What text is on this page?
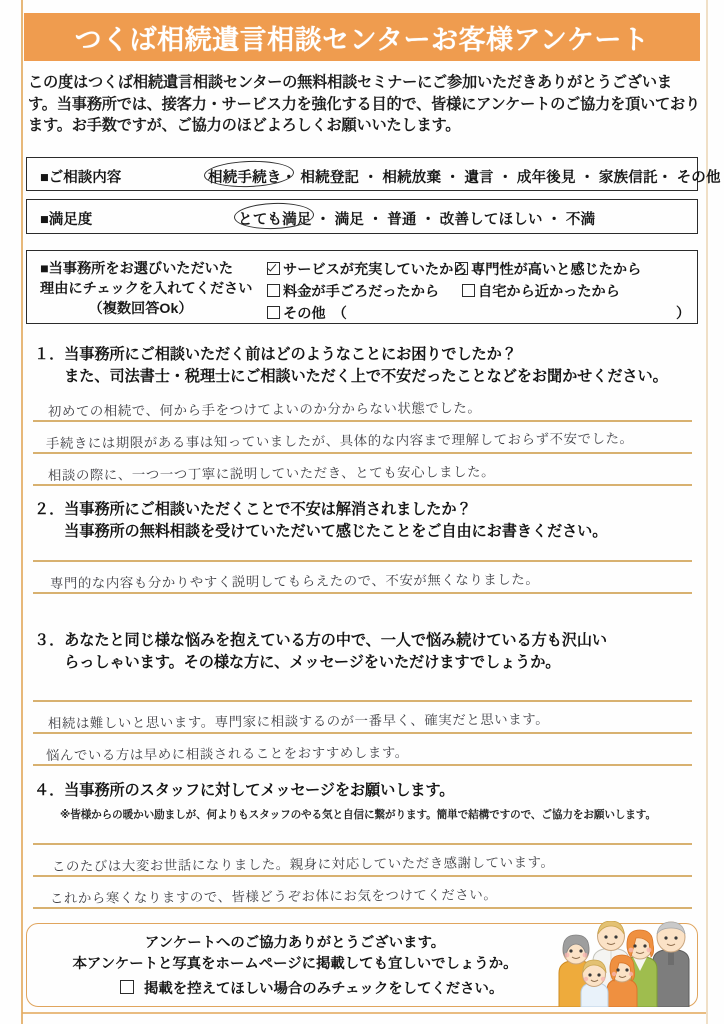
つくば相続遺言相談センターお客様アンケート
この度はつくば相続遺言相談センターの無料相談セミナーにご参加いただきありがとうございます。当事務所では、接客力・サービス力を強化する目的で、皆様にアンケートのご協力を頂いております。お手数ですが、ご協力のほどよろしくお願いいたします。
■ご相談内容	相続手続き・ 相続登記 ・ 相続放棄 ・ 遺言 ・ 成年後見 ・ 家族信託・ その他
■満足度	とても満足 ・ 満足 ・ 普通 ・ 改善してほしい ・ 不満
■当事務所をお選びいただいた
理由にチェックを入れてください
（複数回答Ok）
サービスが充実していたから
料金が手ごろだったから
その他　（
専門性が高いと感じたから
自宅から近かったから
）
１．当事務所にご相談いただく前はどのようなことにお困りでしたか？
　　また、司法書士・税理士にご相談いただく上で不安だったことなどをお聞かせください。
初めての相続で、何から手をつけてよいのか分からない状態でした。
手続きには期限がある事は知っていましたが、具体的な内容まで理解しておらず不安でした。
相談の際に、一つ一つ丁寧に説明していただき、とても安心しました。
２．当事務所にご相談いただくことで不安は解消されましたか？
　　当事務所の無料相談を受けていただいて感じたことをご自由にお書きください。
専門的な内容も分かりやすく説明してもらえたので、不安が無くなりました。
３．あなたと同じ様な悩みを抱えている方の中で、一人で悩み続けている方も沢山い
　　らっしゃいます。その様な方に、メッセージをいただけますでしょうか。
相続は難しいと思います。専門家に相談するのが一番早く、確実だと思います。
悩んでいる方は早めに相談されることをおすすめします。
４．当事務所のスタッフに対してメッセージをお願いします。
※皆様からの暖かい励ましが、何よりもスタッフのやる気と自信に繋がります。簡単で結構ですので、ご協力をお願いします。
このたびは大変お世話になりました。親身に対応していただき感謝しています。
これから寒くなりますので、皆様どうぞお体にお気をつけてください。
アンケートへのご協力ありがとうございます。
本アンケートと写真をホームページに掲載しても宜しいでしょうか。
掲載を控えてほしい場合のみチェックをしてください。
